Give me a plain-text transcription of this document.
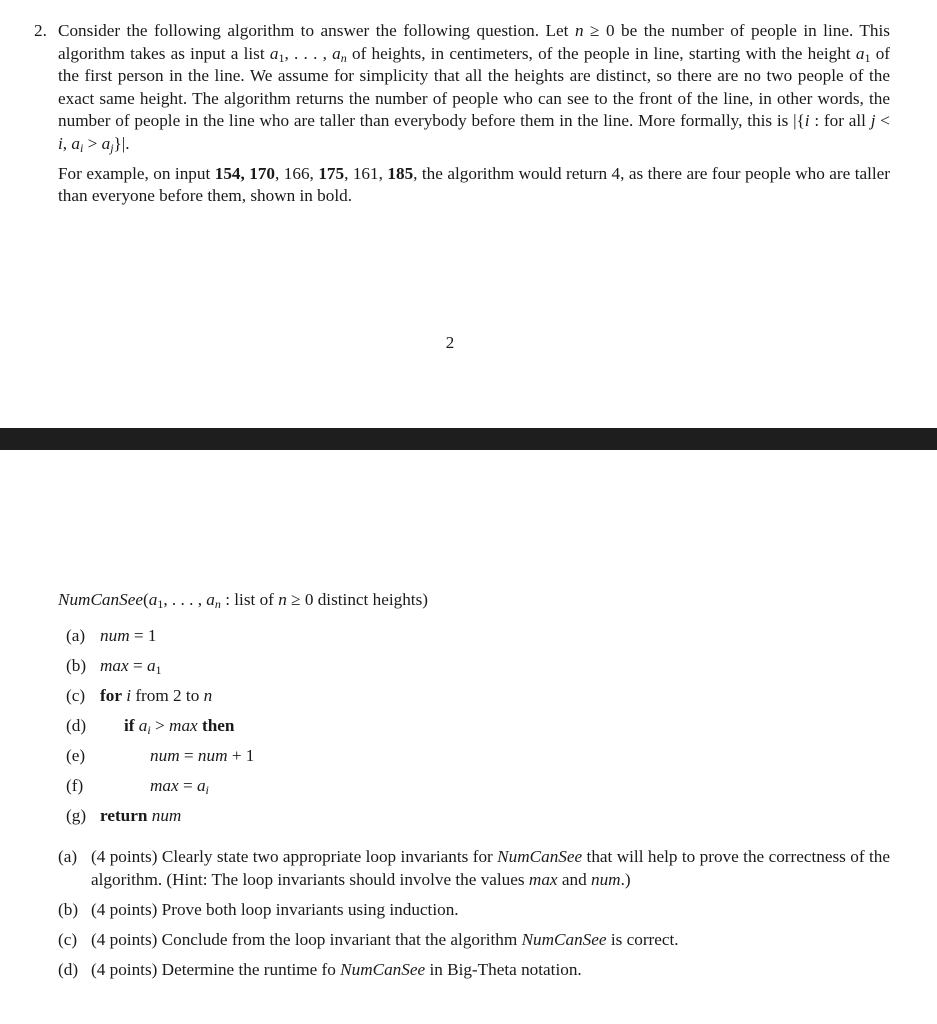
2. Consider the following algorithm to answer the following question. Let n ≥ 0 be the number of people in line. This algorithm takes as input a list $a_1$, . . . , $a_n$ of heights, in centimeters, of the people in line, starting with the height $a_1$ of the first person in the line. We assume for simplicity that all the heights are distinct, so there are no two people of the exact same height. The algorithm returns the number of people who can see to the front of the line, in other words, the number of people in the line who are taller than everybody before them in the line. More formally, this is |{i : for all j < i, $a_i > a_j\}|$.
For example, on input 154, 170, 166, 175, 161, 185, the algorithm would return 4, as there are four people who are taller than everyone before them, shown in bold.
2
$NumCanSee(a_1$, . . . , $a_n$ : list of n ≥ 0 distinct heights)
(a) num = 1
(b) $\max = a_1$
(c) for i from 2 to n
(d) if $a_i > \max$ then
(e)	num = num + 1
(f)	$\max = a_i$
(g) return num
(a) (4 points) Clearly state two appropriate loop invariants for NumCanSee that will help to prove the correctness of the algorithm. (Hint: The loop invariants should involve the values max and num.)
(b) (4 points) Prove both loop invariants using induction.
(c) (4 points) Conclude from the loop invariant that the algorithm NumCanSee is correct.
(d) (4 points) Determine the runtime fo NumCanSee in Big-Theta notation.
